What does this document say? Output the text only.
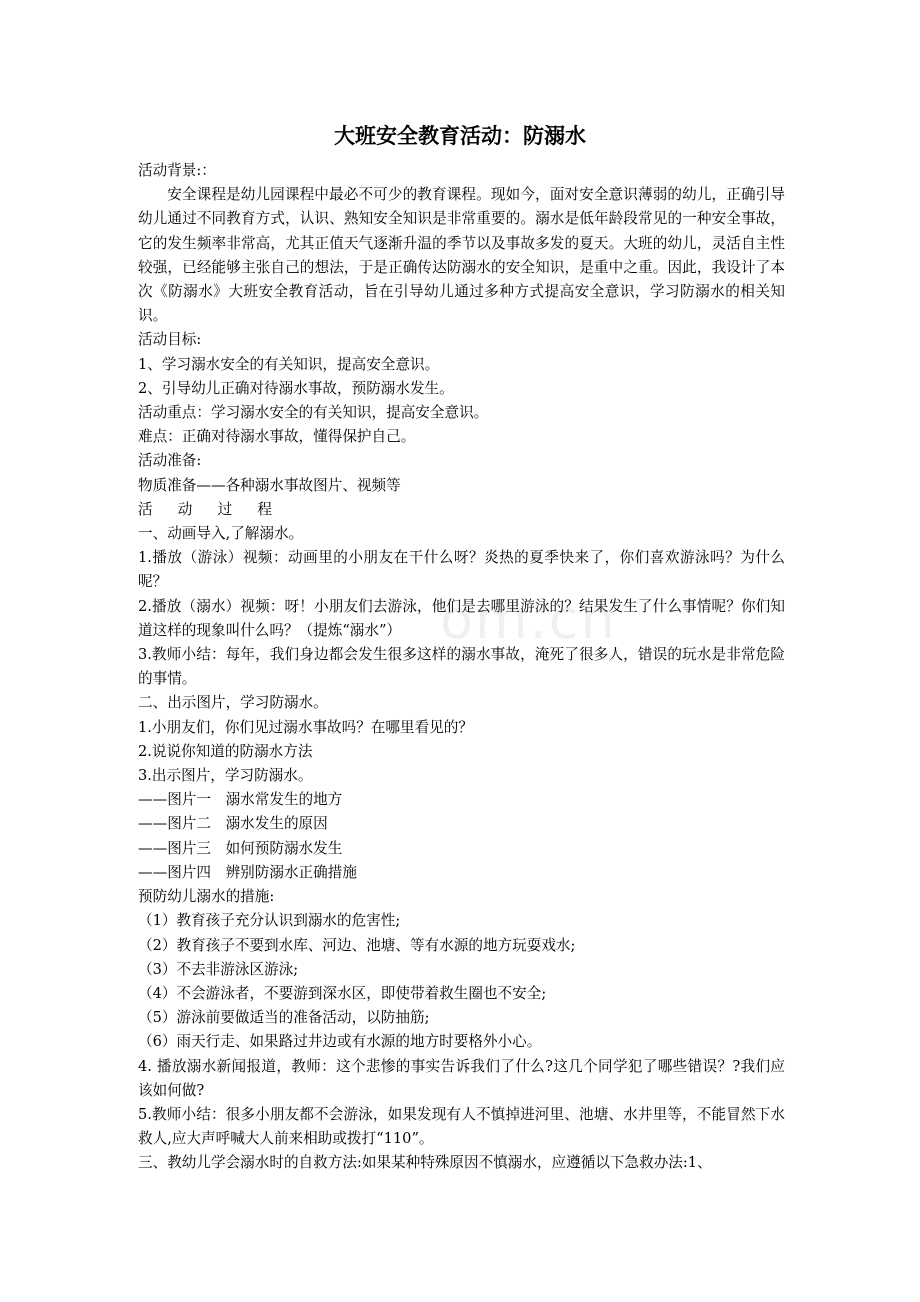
om.cn
大班安全教育活动：防溺水

活动背景:：

安全课程是幼儿园课程中最必不可少的教育课程。现如今，面对安全意识薄弱的幼儿，正确引导幼儿通过不同教育方式，认识、熟知安全知识是非常重要的。溺水是低年龄段常见的一种安全事故，它的发生频率非常高，尤其正值天气逐渐升温的季节以及事故多发的夏天。大班的幼儿，灵活自主性较强，已经能够主张自己的想法，于是正确传达防溺水的安全知识，是重中之重。因此，我设计了本次《防溺水》大班安全教育活动，旨在引导幼儿通过多种方式提高安全意识，学习防溺水的相关知识。

活动目标:

1、学习溺水安全的有关知识，提高安全意识。

2、引导幼儿正确对待溺水事故，预防溺水发生。

活动重点：学习溺水安全的有关知识，提高安全意识。

难点：正确对待溺水事故，懂得保护自己。

活动准备:

物质准备——各种溺水事故图片、视频等

活 动 过 程

一、动画导入,了解溺水。

1.播放（游泳）视频：动画里的小朋友在干什么呀？炎热的夏季快来了，你们喜欢游泳吗？为什么呢？

2.播放（溺水）视频：呀！小朋友们去游泳，他们是去哪里游泳的？结果发生了什么事情呢？你们知道这样的现象叫什么吗？（提炼“溺水”）

3.教师小结：每年，我们身边都会发生很多这样的溺水事故，淹死了很多人，错误的玩水是非常危险的事情。

二、出示图片，学习防溺水。

1.小朋友们，你们见过溺水事故吗？在哪里看见的？

2.说说你知道的防溺水方法

3.出示图片，学习防溺水。

——图片一　溺水常发生的地方

——图片二　溺水发生的原因

——图片三　如何预防溺水发生

——图片四　辨别防溺水正确措施

预防幼儿溺水的措施:

（1）教育孩子充分认识到溺水的危害性;

（2）教育孩子不要到水库、河边、池塘、等有水源的地方玩耍戏水;

（3）不去非游泳区游泳;

（4）不会游泳者，不要游到深水区，即使带着救生圈也不安全;

（5）游泳前要做适当的准备活动，以防抽筋;

（6）雨天行走、如果路过井边或有水源的地方时要格外小心。

4. 播放溺水新闻报道，教师：这个悲惨的事实告诉我们了什么?这几个同学犯了哪些错误？?我们应该如何做?

5.教师小结：很多小朋友都不会游泳，如果发现有人不慎掉进河里、池塘、水井里等，不能冒然下水救人,应大声呼喊大人前来相助或拨打“110”。

三、教幼儿学会溺水时的自救方法:如果某种特殊原因不慎溺水，应遵循以下急救办法:1、
